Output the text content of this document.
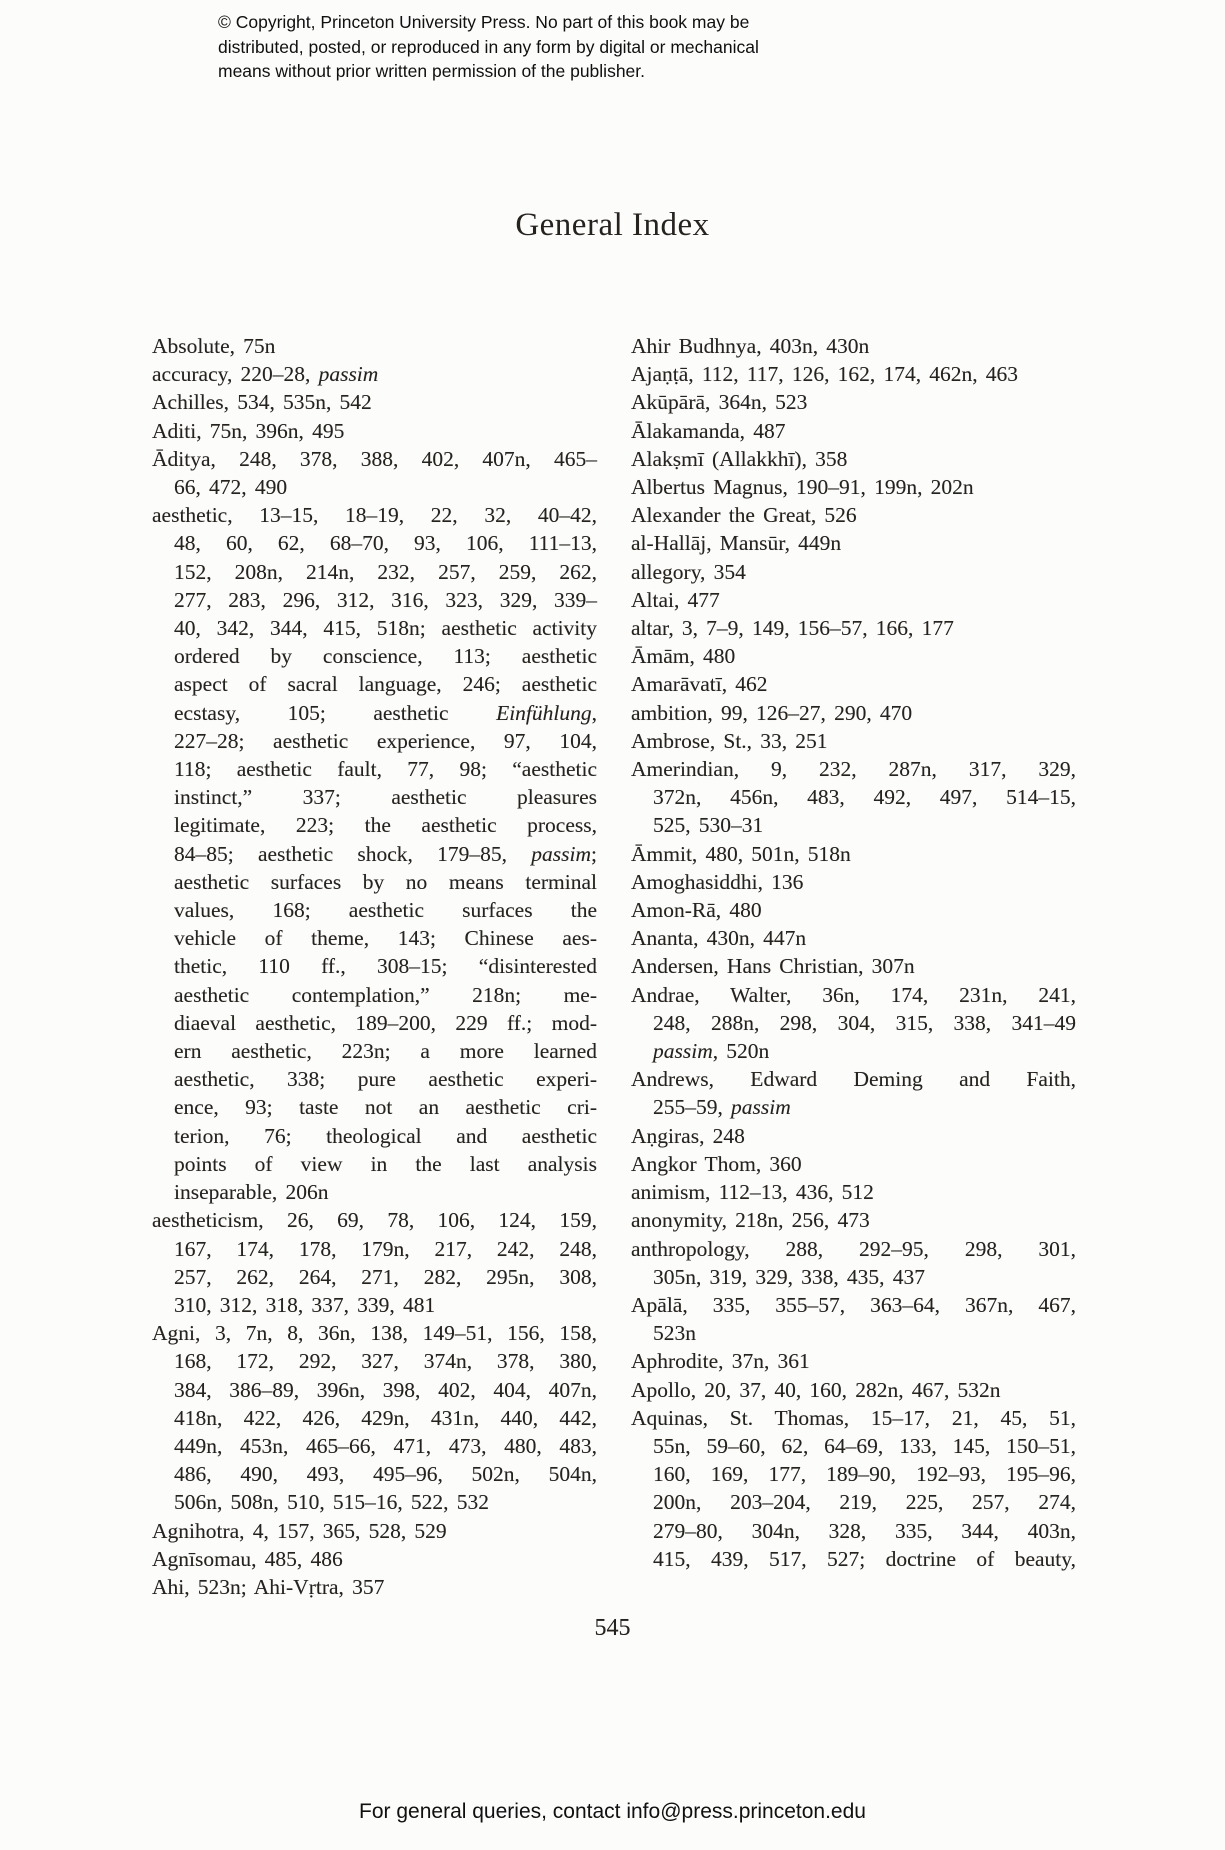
© Copyright, Princeton University Press. No part of this book may be
distributed, posted, or reproduced in any form by digital or mechanical
means without prior written permission of the publisher.
General Index
Absolute, 75n
accuracy, 220–28, passim
Achilles, 534, 535n, 542
Aditi, 75n, 396n, 495
Āditya, 248, 378, 388, 402, 407n, 465–
66, 472, 490
aesthetic, 13–15, 18–19, 22, 32, 40–42,
48, 60, 62, 68–70, 93, 106, 111–13,
152, 208n, 214n, 232, 257, 259, 262,
277, 283, 296, 312, 316, 323, 329, 339–
40, 342, 344, 415, 518n; aesthetic activity
ordered by conscience, 113; aesthetic
aspect of sacral language, 246; aesthetic
ecstasy, 105; aesthetic Einfühlung,
227–28; aesthetic experience, 97, 104,
118; aesthetic fault, 77, 98; “aesthetic
instinct,” 337; aesthetic pleasures
legitimate, 223; the aesthetic process,
84–85; aesthetic shock, 179–85, passim;
aesthetic surfaces by no means terminal
values, 168; aesthetic surfaces the
vehicle of theme, 143; Chinese aes-
thetic, 110 ff., 308–15; “disinterested
aesthetic contemplation,” 218n; me-
diaeval aesthetic, 189–200, 229 ff.; mod-
ern aesthetic, 223n; a more learned
aesthetic, 338; pure aesthetic experi-
ence, 93; taste not an aesthetic cri-
terion, 76; theological and aesthetic
points of view in the last analysis
inseparable, 206n
aestheticism, 26, 69, 78, 106, 124, 159,
167, 174, 178, 179n, 217, 242, 248,
257, 262, 264, 271, 282, 295n, 308,
310, 312, 318, 337, 339, 481
Agni, 3, 7n, 8, 36n, 138, 149–51, 156, 158,
168, 172, 292, 327, 374n, 378, 380,
384, 386–89, 396n, 398, 402, 404, 407n,
418n, 422, 426, 429n, 431n, 440, 442,
449n, 453n, 465–66, 471, 473, 480, 483,
486, 490, 493, 495–96, 502n, 504n,
506n, 508n, 510, 515–16, 522, 532
Agnihotra, 4, 157, 365, 528, 529
Agnīsomau, 485, 486
Ahi, 523n; Ahi-Vṛtra, 357
Ahir Budhnya, 403n, 430n
Ajaṇṭā, 112, 117, 126, 162, 174, 462n, 463
Akūpārā, 364n, 523
Ālakamanda, 487
Alakṣmī (Allakkhī), 358
Albertus Magnus, 190–91, 199n, 202n
Alexander the Great, 526
al-Hallāj, Mansūr, 449n
allegory, 354
Altai, 477
altar, 3, 7–9, 149, 156–57, 166, 177
Āmām, 480
Amarāvatī, 462
ambition, 99, 126–27, 290, 470
Ambrose, St., 33, 251
Amerindian, 9, 232, 287n, 317, 329,
372n, 456n, 483, 492, 497, 514–15,
525, 530–31
Āmmit, 480, 501n, 518n
Amoghasiddhi, 136
Amon-Rā, 480
Ananta, 430n, 447n
Andersen, Hans Christian, 307n
Andrae, Walter, 36n, 174, 231n, 241,
248, 288n, 298, 304, 315, 338, 341–49
passim, 520n
Andrews, Edward Deming and Faith,
255–59, passim
Aṇgiras, 248
Angkor Thom, 360
animism, 112–13, 436, 512
anonymity, 218n, 256, 473
anthropology, 288, 292–95, 298, 301,
305n, 319, 329, 338, 435, 437
Apālā, 335, 355–57, 363–64, 367n, 467,
523n
Aphrodite, 37n, 361
Apollo, 20, 37, 40, 160, 282n, 467, 532n
Aquinas, St. Thomas, 15–17, 21, 45, 51,
55n, 59–60, 62, 64–69, 133, 145, 150–51,
160, 169, 177, 189–90, 192–93, 195–96,
200n, 203–204, 219, 225, 257, 274,
279–80, 304n, 328, 335, 344, 403n,
415, 439, 517, 527; doctrine of beauty,
545
For general queries, contact info@press.princeton.edu
